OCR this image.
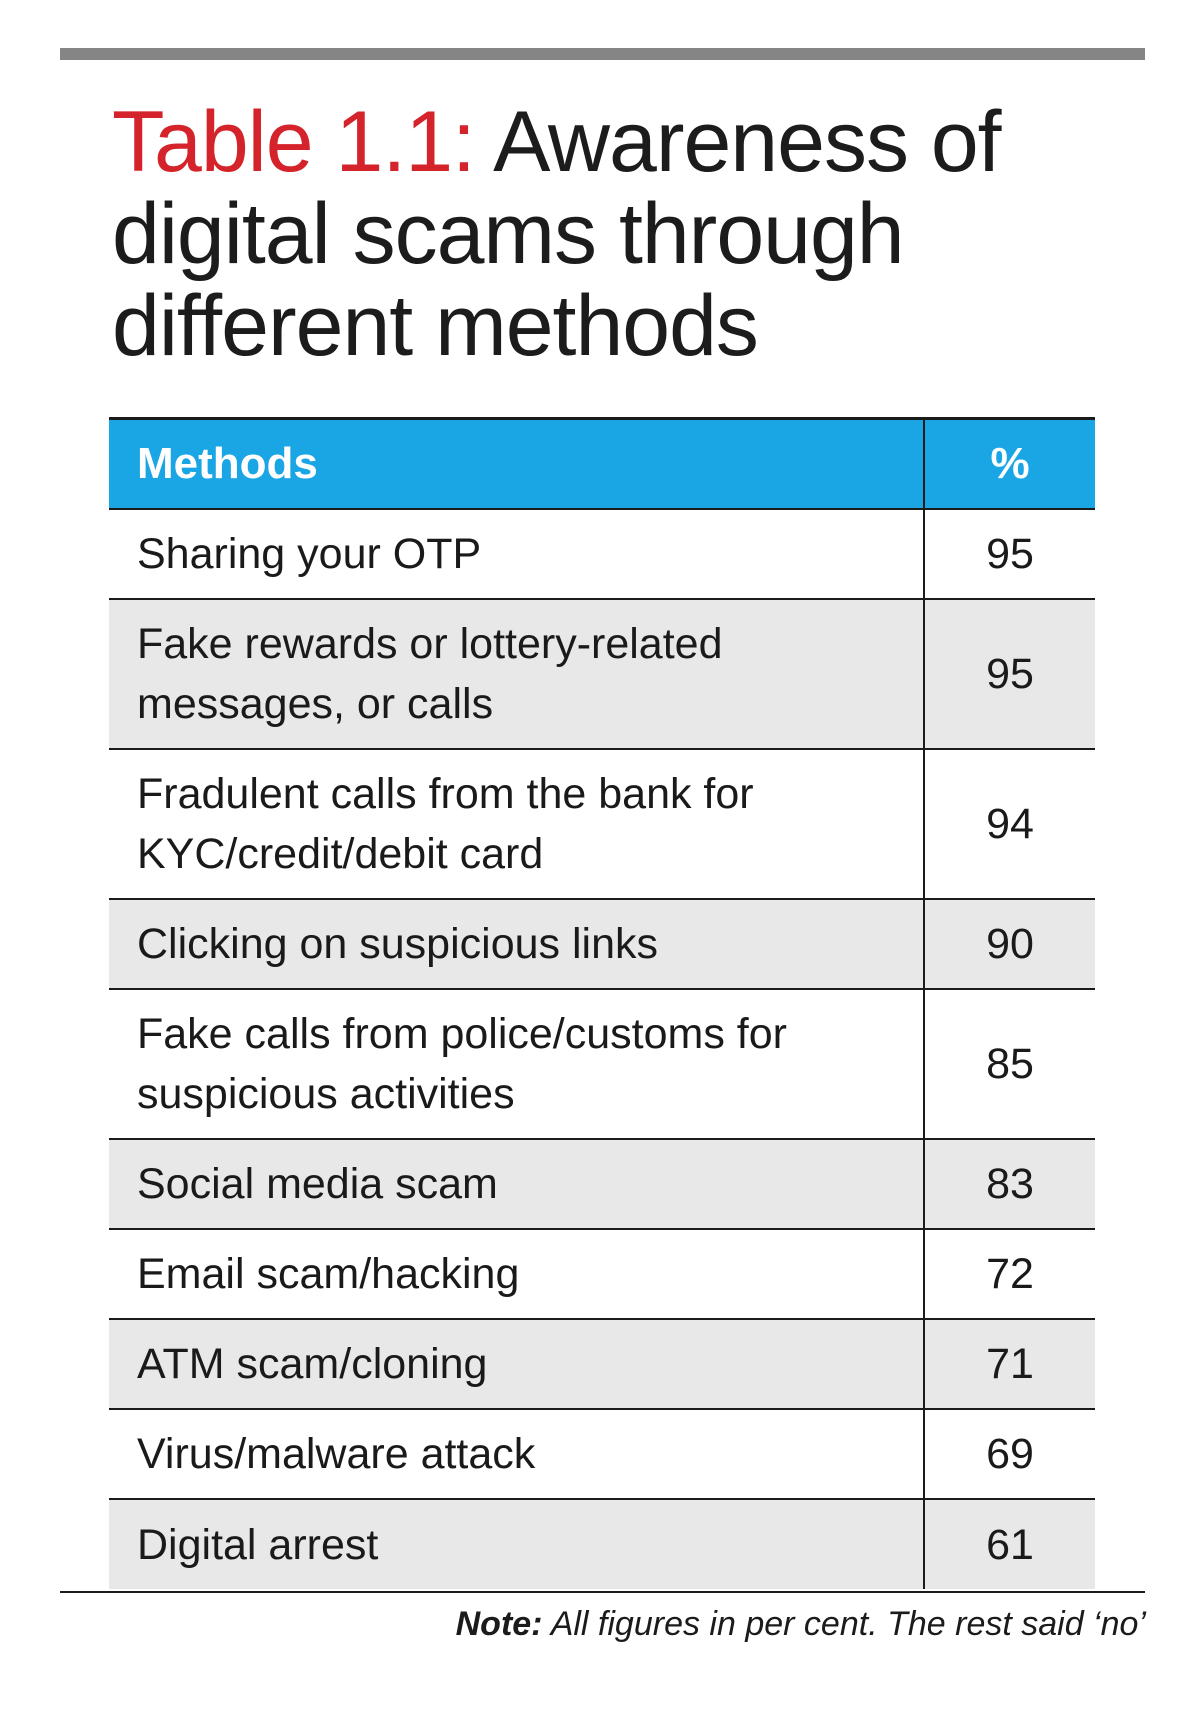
Table 1.1: Awareness of
digital scams through
different methods
Methods	%
Sharing your OTP	95
Fake rewards or lottery-related
messages, or calls	95
Fradulent calls from the bank for
KYC/credit/debit card	94
Clicking on suspicious links	90
Fake calls from police/customs for
suspicious activities	85
Social media scam	83
Email scam/hacking	72
ATM scam/cloning	71
Virus/malware attack	69
Digital arrest	61
Note: All figures in per cent. The rest said ‘no’
